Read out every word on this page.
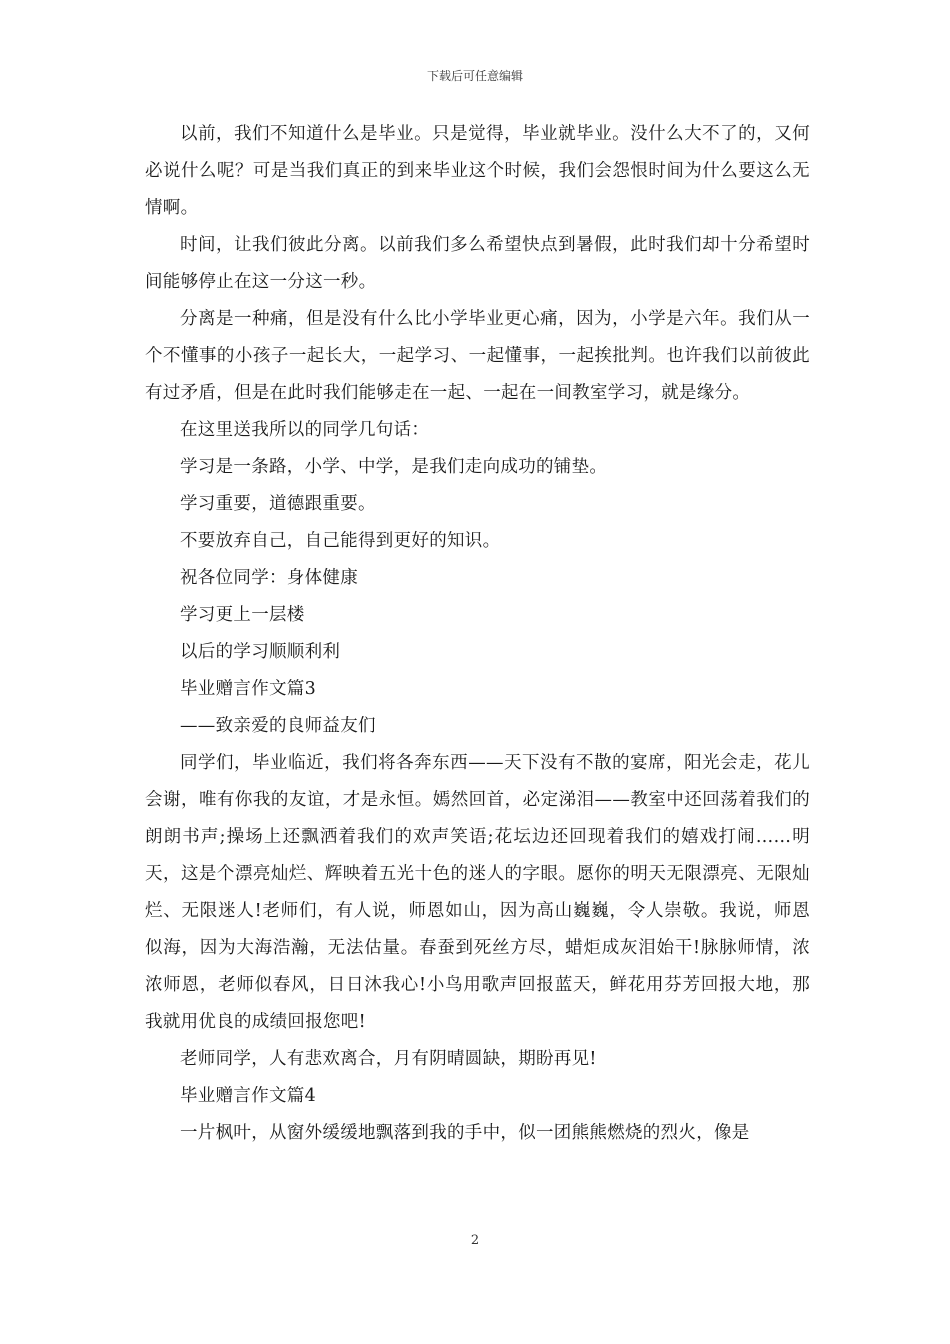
下载后可任意编辑

以前，我们不知道什么是毕业。只是觉得，毕业就毕业。没什么大不了的，又何必说什么呢？可是当我们真正的到来毕业这个时候，我们会怨恨时间为什么要这么无情啊。

时间，让我们彼此分离。以前我们多么希望快点到暑假，此时我们却十分希望时间能够停止在这一分这一秒。

分离是一种痛，但是没有什么比小学毕业更心痛，因为，小学是六年。我们从一个不懂事的小孩子一起长大，一起学习、一起懂事，一起挨批判。也许我们以前彼此有过矛盾，但是在此时我们能够走在一起、一起在一间教室学习，就是缘分。

在这里送我所以的同学几句话：

学习是一条路，小学、中学，是我们走向成功的铺垫。

学习重要，道德跟重要。

不要放弃自己，自己能得到更好的知识。

祝各位同学：身体健康

学习更上一层楼

以后的学习顺顺利利

毕业赠言作文篇3

——致亲爱的良师益友们

同学们，毕业临近，我们将各奔东西——天下没有不散的宴席，阳光会走，花儿会谢，唯有你我的友谊，才是永恒。嫣然回首，必定涕泪——教室中还回荡着我们的朗朗书声;操场上还飘洒着我们的欢声笑语;花坛边还回现着我们的嬉戏打闹……明天，这是个漂亮灿烂、辉映着五光十色的迷人的字眼。愿你的明天无限漂亮、无限灿烂、无限迷人!老师们，有人说，师恩如山，因为高山巍巍，令人崇敬。我说，师恩似海，因为大海浩瀚，无法估量。春蚕到死丝方尽，蜡炬成灰泪始干!脉脉师情，浓浓师恩，老师似春风，日日沐我心!小鸟用歌声回报蓝天，鲜花用芬芳回报大地，那我就用优良的成绩回报您吧!

老师同学，人有悲欢离合，月有阴晴圆缺，期盼再见!

毕业赠言作文篇4

一片枫叶，从窗外缓缓地飘落到我的手中，似一团熊熊燃烧的烈火，像是

2
